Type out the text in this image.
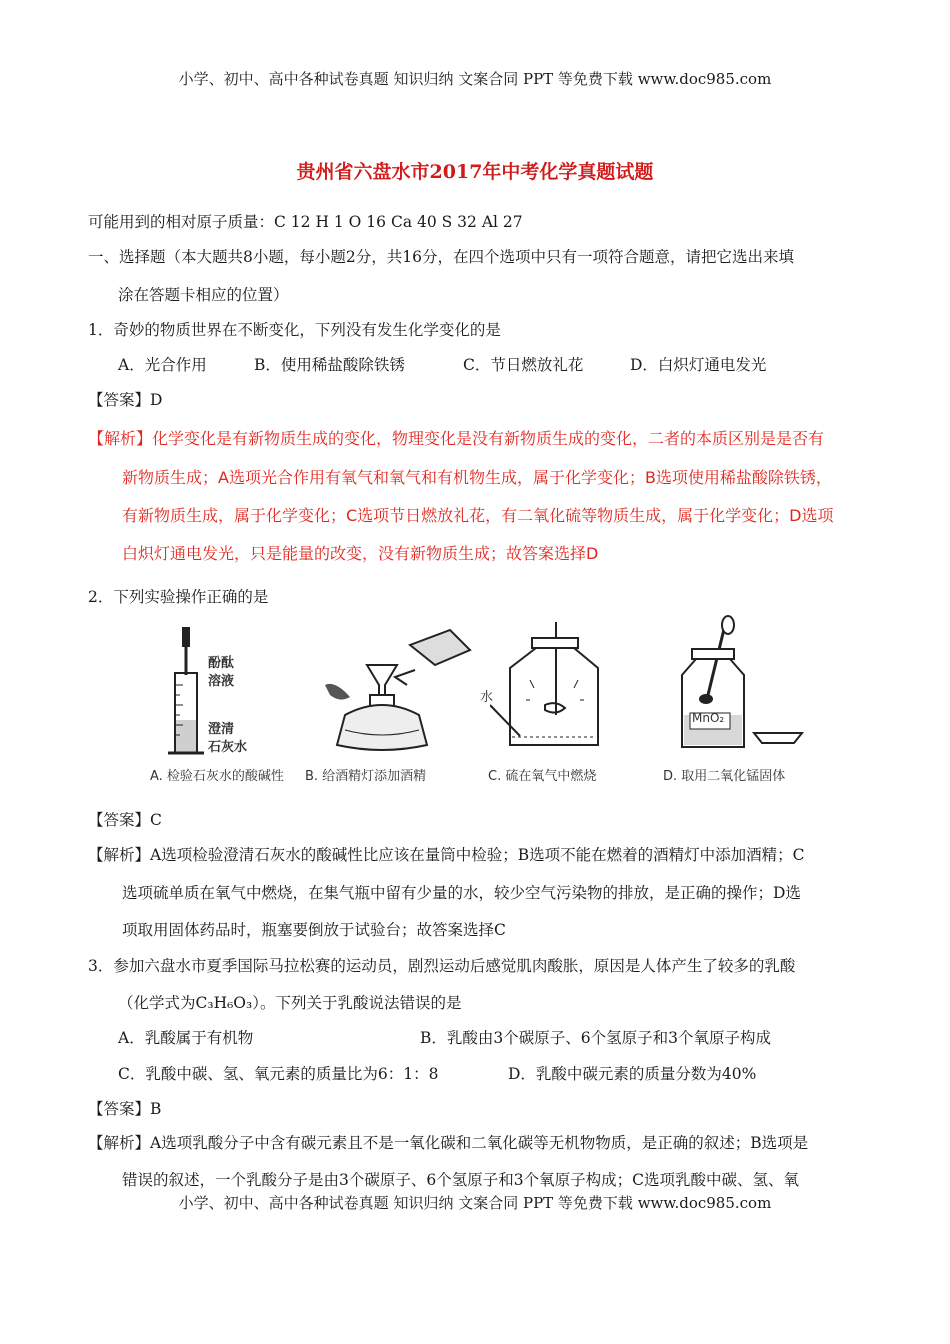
小学、初中、高中各种试卷真题 知识归纳 文案合同 PPT 等免费下载 www.doc985.com
贵州省六盘水市2017年中考化学真题试题
可能用到的相对原子质量：C 12 H 1 O 16 Ca 40 S 32 Al 27
一、选择题（本大题共8小题，每小题2分，共16分，在四个选项中只有一项符合题意，请把它选出来填
涂在答题卡相应的位置）
1．奇妙的物质世界在不断变化，下列没有发生化学变化的是
A．光合作用	B．使用稀盐酸除铁锈	C．节日燃放礼花	D．白炽灯通电发光
【答案】D
【解析】化学变化是有新物质生成的变化，物理变化是没有新物质生成的变化，二者的本质区别是是否有
新物质生成；A选项光合作用有氧气和氧气和有机物生成，属于化学变化；B选项使用稀盐酸除铁锈，
有新物质生成，属于化学变化；C选项节日燃放礼花，有二氧化硫等物质生成，属于化学变化；D选项
白炽灯通电发光，只是能量的改变，没有新物质生成；故答案选择D
2．下列实验操作正确的是
酚酞
溶液
澄清
石灰水
水
MnO₂
A. 检验石灰水的酸碱性 B. 给酒精灯添加酒精	C. 硫在氧气中燃烧	D. 取用二氧化锰固体
【答案】C
【解析】A选项检验澄清石灰水的酸碱性比应该在量筒中检验；B选项不能在燃着的酒精灯中添加酒精；C
选项硫单质在氧气中燃烧，在集气瓶中留有少量的水，较少空气污染物的排放，是正确的操作；D选
项取用固体药品时，瓶塞要倒放于试验台；故答案选择C
3．参加六盘水市夏季国际马拉松赛的运动员，剧烈运动后感觉肌肉酸胀，原因是人体产生了较多的乳酸
（化学式为C₃H₆O₃）。下列关于乳酸说法错误的是
A．乳酸属于有机物	B．乳酸由3个碳原子、6个氢原子和3个氧原子构成
C．乳酸中碳、氢、氧元素的质量比为6：1：8	D．乳酸中碳元素的质量分数为40%
【答案】B
【解析】A选项乳酸分子中含有碳元素且不是一氧化碳和二氧化碳等无机物物质，是正确的叙述；B选项是
错误的叙述，一个乳酸分子是由3个碳原子、6个氢原子和3个氧原子构成；C选项乳酸中碳、氢、氧
小学、初中、高中各种试卷真题 知识归纳 文案合同 PPT 等免费下载 www.doc985.com
